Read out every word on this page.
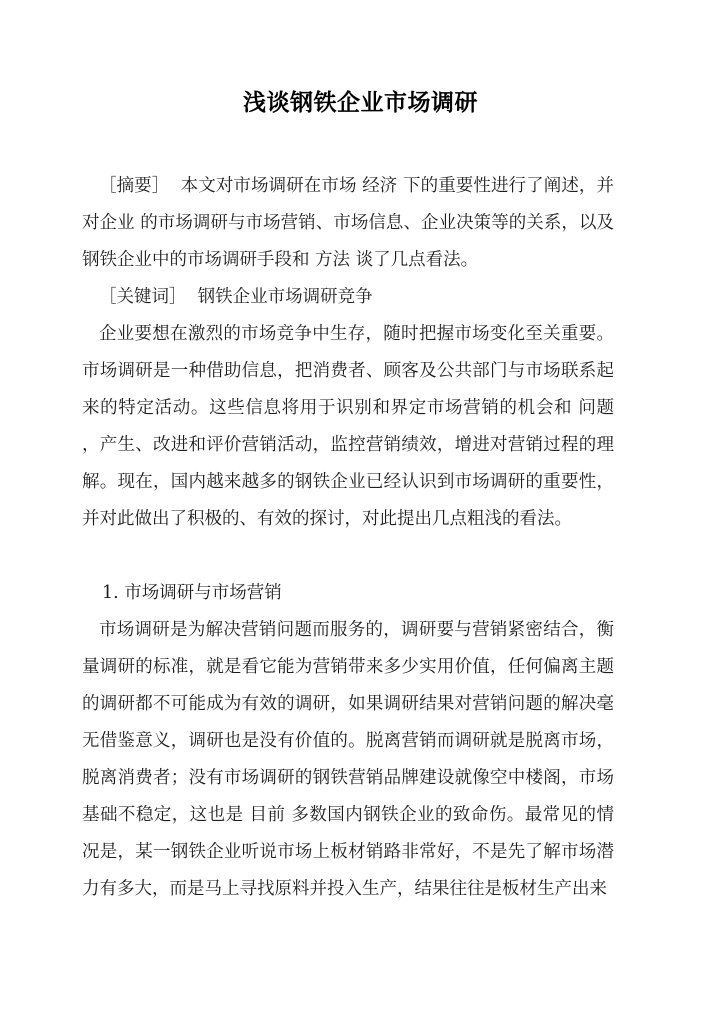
浅谈钢铁企业市场调研

［摘要］  本文对市场调研在市场 经济 下的重要性进行了阐述，并对企业 的市场调研与市场营销、市场信息、企业决策等的关系，以及钢铁企业中的市场调研手段和 方法 谈了几点看法。

［关键词］  钢铁企业市场调研竞争

企业要想在激烈的市场竞争中生存，随时把握市场变化至关重要。市场调研是一种借助信息，把消费者、顾客及公共部门与市场联系起来的特定活动。这些信息将用于识别和界定市场营销的机会和 问题 ，产生、改进和评价营销活动，监控营销绩效，增进对营销过程的理解。现在，国内越来越多的钢铁企业已经认识到市场调研的重要性，并对此做出了积极的、有效的探讨，对此提出几点粗浅的看法。

1. 市场调研与市场营销

市场调研是为解决营销问题而服务的，调研要与营销紧密结合，衡量调研的标准，就是看它能为营销带来多少实用价值，任何偏离主题的调研都不可能成为有效的调研，如果调研结果对营销问题的解决毫无借鉴意义，调研也是没有价值的。脱离营销而调研就是脱离市场，脱离消费者；没有市场调研的钢铁营销品牌建设就像空中楼阁，市场基础不稳定，这也是 目前 多数国内钢铁企业的致命伤。最常见的情况是，某一钢铁企业听说市场上板材销路非常好，不是先了解市场潜力有多大，而是马上寻找原料并投入生产，结果往往是板材生产出来
